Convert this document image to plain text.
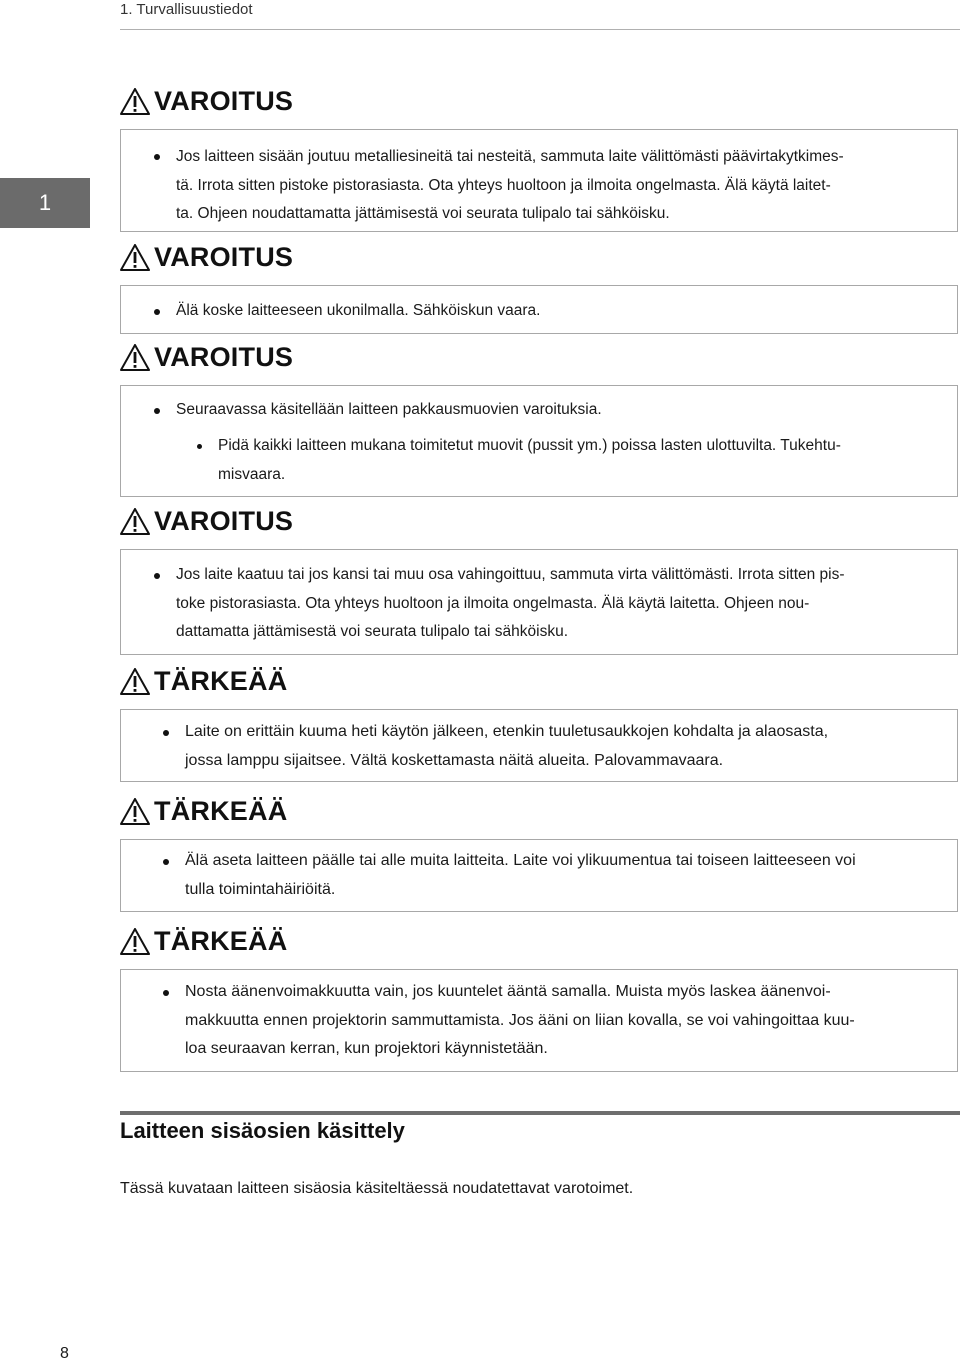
1. Turvallisuustiedot
1
VAROITUS

Jos laitteen sisään joutuu metalliesineitä tai nesteitä, sammuta laite välittömästi päävirtakytkimes-

tä. Irrota sitten pistoke pistorasiasta. Ota yhteys huoltoon ja ilmoita ongelmasta. Älä käytä laitet-

ta. Ohjeen noudattamatta jättämisestä voi seurata tulipalo tai sähköisku.

VAROITUS

Älä koske laitteeseen ukonilmalla. Sähköiskun vaara.

VAROITUS

Seuraavassa käsitellään laitteen pakkausmuovien varoituksia.

Pidä kaikki laitteen mukana toimitetut muovit (pussit ym.) poissa lasten ulottuvilta. Tukehtu-

misvaara.

VAROITUS

Jos laite kaatuu tai jos kansi tai muu osa vahingoittuu, sammuta virta välittömästi. Irrota sitten pis-

toke pistorasiasta. Ota yhteys huoltoon ja ilmoita ongelmasta. Älä käytä laitetta. Ohjeen nou-

dattamatta jättämisestä voi seurata tulipalo tai sähköisku.

TÄRKEÄÄ

Laite on erittäin kuuma heti käytön jälkeen, etenkin tuuletusaukkojen kohdalta ja alaosasta,

jossa lamppu sijaitsee. Vältä koskettamasta näitä alueita. Palovammavaara.

TÄRKEÄÄ

Älä aseta laitteen päälle tai alle muita laitteita. Laite voi ylikuumentua tai toiseen laitteeseen voi

tulla toimintahäiriöitä.

TÄRKEÄÄ

Nosta äänenvoimakkuutta vain, jos kuuntelet ääntä samalla. Muista myös laskea äänenvoi-

makkuutta ennen projektorin sammuttamista. Jos ääni on liian kovalla, se voi vahingoittaa kuu-

loa seuraavan kerran, kun projektori käynnistetään.

Laitteen sisäosien käsittely
Tässä kuvataan laitteen sisäosia käsiteltäessä noudatettavat varotoimet.
8
